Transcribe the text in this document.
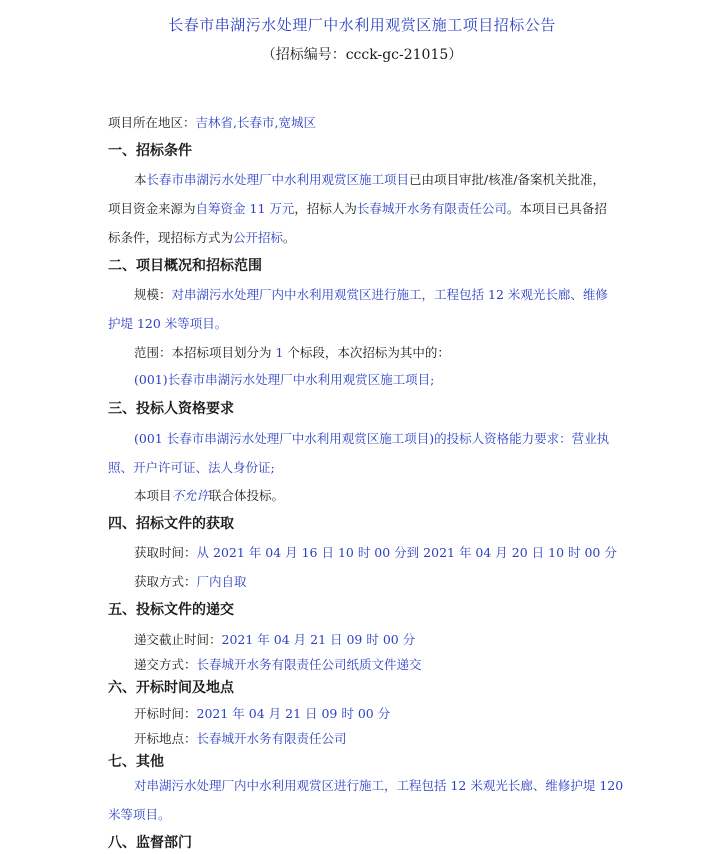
长春市串湖污水处理厂中水利用观赏区施工项目招标公告
（招标编号：ccck-gc-21015）
项目所在地区：吉林省,长春市,宽城区
一、招标条件
本长春市串湖污水处理厂中水利用观赏区施工项目已由项目审批/核准/备案机关批准，
项目资金来源为自筹资金 11 万元，招标人为长春城开水务有限责任公司。本项目已具备招
标条件，现招标方式为公开招标。
二、项目概况和招标范围
规模：对串湖污水处理厂内中水利用观赏区进行施工，工程包括 12 米观光长廊、维修
护堤 120 米等项目。
范围：本招标项目划分为 1 个标段，本次招标为其中的：
(001)长春市串湖污水处理厂中水利用观赏区施工项目;
三、投标人资格要求
(001 长春市串湖污水处理厂中水利用观赏区施工项目)的投标人资格能力要求：营业执
照、开户许可证、法人身份证;
本项目不允许联合体投标。
四、招标文件的获取
获取时间：从 2021 年 04 月 16 日 10 时 00 分到 2021 年 04 月 20 日 10 时 00 分
获取方式：厂内自取
五、投标文件的递交
递交截止时间：2021 年 04 月 21 日 09 时 00 分
递交方式：长春城开水务有限责任公司纸质文件递交
六、开标时间及地点
开标时间：2021 年 04 月 21 日 09 时 00 分
开标地点：长春城开水务有限责任公司
七、其他
对串湖污水处理厂内中水利用观赏区进行施工，工程包括 12 米观光长廊、维修护堤 120
米等项目。
八、监督部门
